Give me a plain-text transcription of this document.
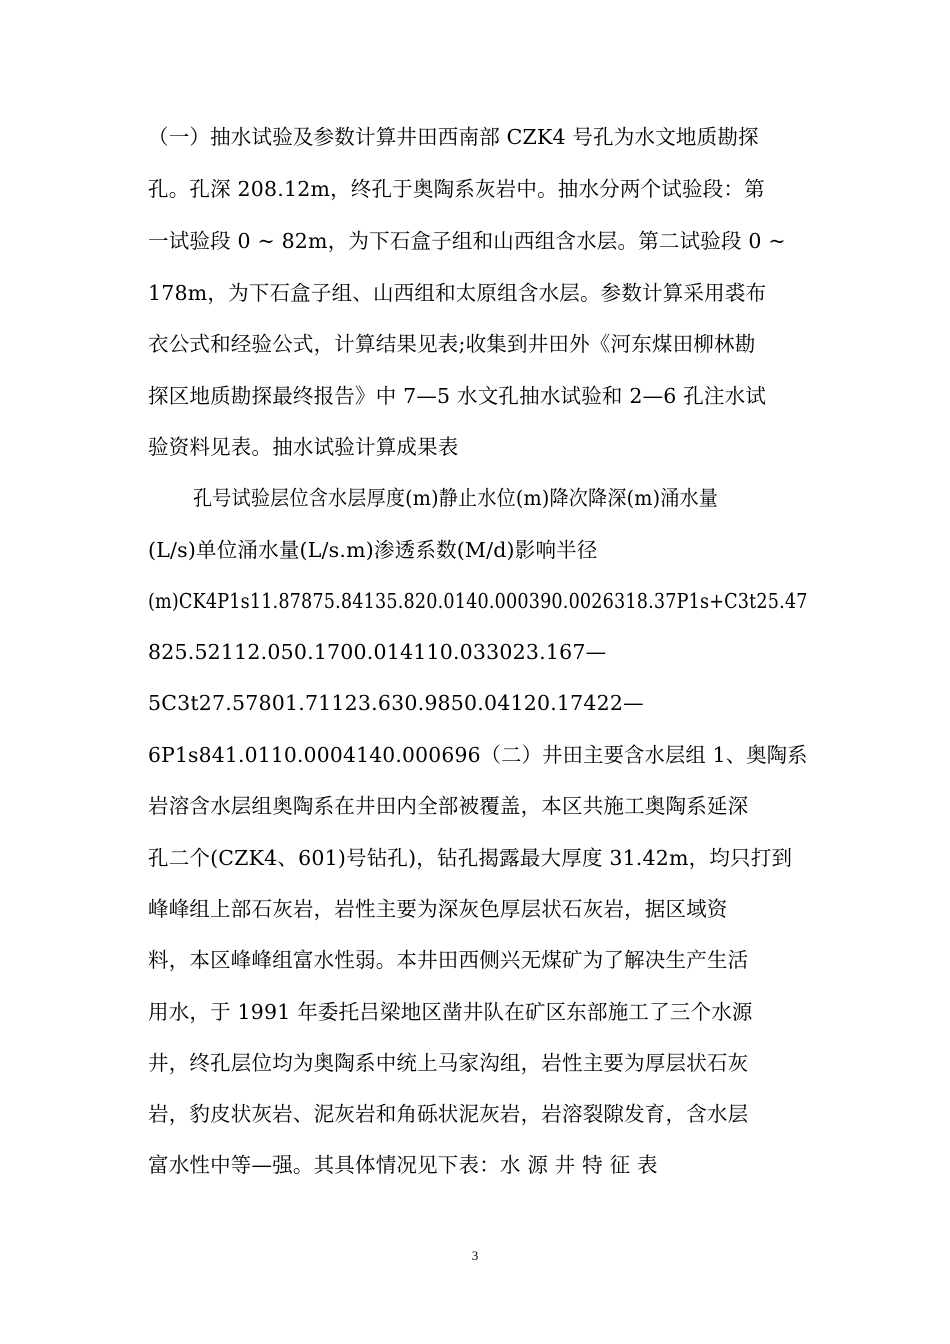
（一）抽水试验及参数计算井田西南部 CZK4 号孔为水文地质勘探
孔。孔深 208.12m，终孔于奥陶系灰岩中。抽水分两个试验段：第
一试验段 0 ~ 82m，为下石盒子组和山西组含水层。第二试验段 0 ~
178m，为下石盒子组、山西组和太原组含水层。参数计算采用裘布
衣公式和经验公式，计算结果见表;收集到井田外《河东煤田柳林勘
探区地质勘探最终报告》中 7—5 水文孔抽水试验和 2—6 孔注水试
验资料见表。抽水试验计算成果表
孔号试验层位含水层厚度(m)静止水位(m)降次降深(m)涌水量
(L/s)单位涌水量(L/s.m)渗透系数(M/d)影响半径
(m)CK4P1s11.87875.84135.820.0140.000390.0026318.37P1s+C3t25.47
825.52112.050.1700.014110.033023.167—
5C3t27.57801.71123.630.9850.04120.17422—
6P1s841.0110.0004140.000696（二）井田主要含水层组 1、奥陶系
岩溶含水层组奥陶系在井田内全部被覆盖，本区共施工奥陶系延深
孔二个(CZK4、601)号钻孔)，钻孔揭露最大厚度 31.42m，均只打到
峰峰组上部石灰岩，岩性主要为深灰色厚层状石灰岩，据区域资
料，本区峰峰组富水性弱。本井田西侧兴无煤矿为了解决生产生活
用水，于 1991 年委托吕梁地区凿井队在矿区东部施工了三个水源
井，终孔层位均为奥陶系中统上马家沟组，岩性主要为厚层状石灰
岩，豹皮状灰岩、泥灰岩和角砾状泥灰岩，岩溶裂隙发育，含水层
富水性中等—强。其具体情况见下表：水 源 井 特 征 表
3
